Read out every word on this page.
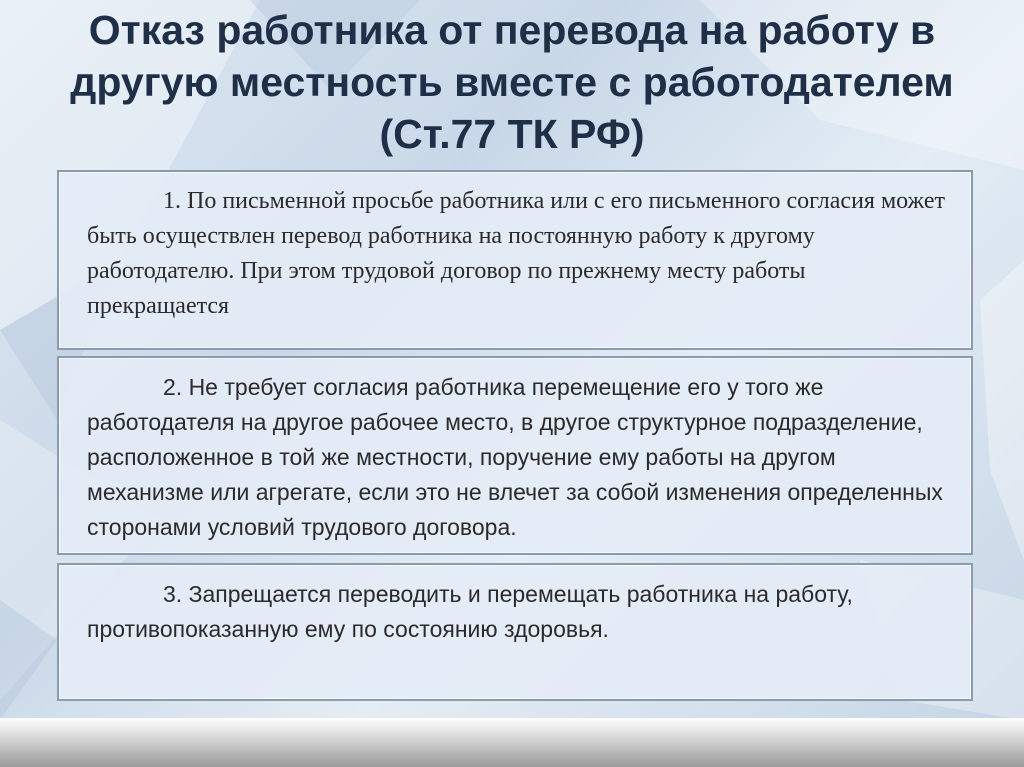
Отказ работника от перевода на работу в другую местность вместе с работодателем (Ст.77 ТК РФ)

1. По письменной просьбе работника или с его письменного согласия может быть осуществлен перевод работника на постоянную работу к другому работодателю. При этом трудовой договор по прежнему месту работы прекращается

2. Не требует согласия работника перемещение его у того же работодателя на другое рабочее место, в другое структурное подразделение, расположенное в той же местности, поручение ему работы на другом механизме или агрегате, если это не влечет за собой изменения определенных сторонами условий трудового договора.

3. Запрещается переводить и перемещать работника на работу, противопоказанную ему по состоянию здоровья.
